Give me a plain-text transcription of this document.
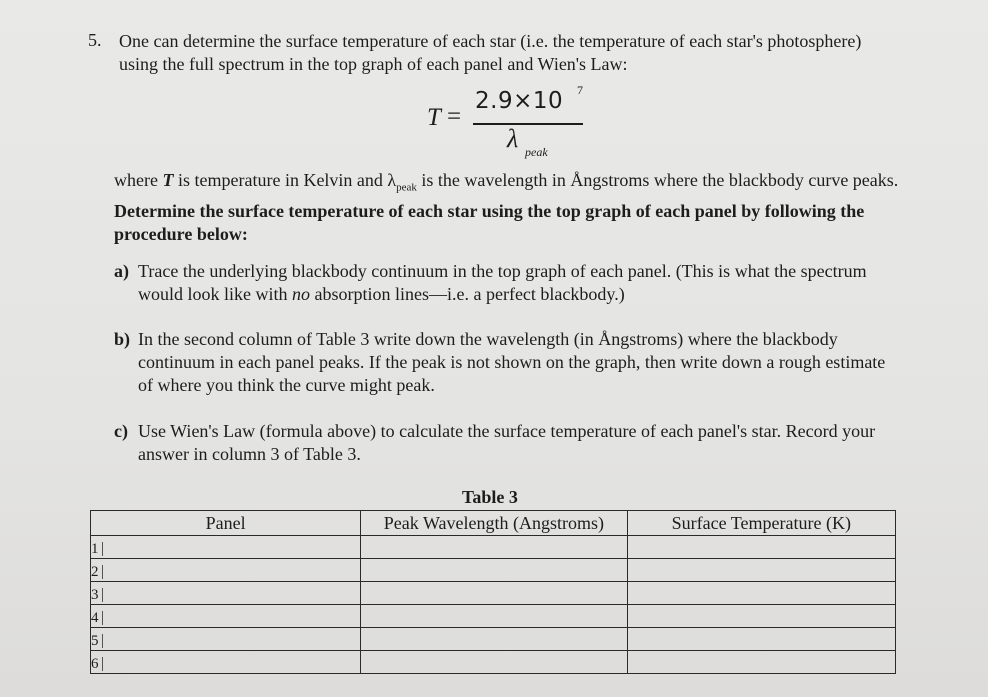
5. One can determine the surface temperature of each star (i.e. the temperature of each star's photosphere) using the full spectrum in the top graph of each panel and Wien's Law:
T =
2.9×10 7
λ peak
where T is temperature in Kelvin and $\lambda_{peak}$ is the wavelength in Ångstroms where the blackbody curve peaks. Determine the surface temperature of each star using the top graph of each panel by following the procedure below:
a) Trace the underlying blackbody continuum in the top graph of each panel. (This is what the spectrum would look like with no absorption lines—i.e. a perfect blackbody.)
b) In the second column of Table 3 write down the wavelength (in Ångstroms) where the blackbody continuum in each panel peaks. If the peak is not shown on the graph, then write down a rough estimate of where you think the curve might peak.
c) Use Wien's Law (formula above) to calculate the surface temperature of each panel's star. Record your answer in column 3 of Table 3.
Table 3
Panel	Peak Wavelength (Angstroms)	Surface Temperature (K)
1		
2		
3		
4		
5		
6		
